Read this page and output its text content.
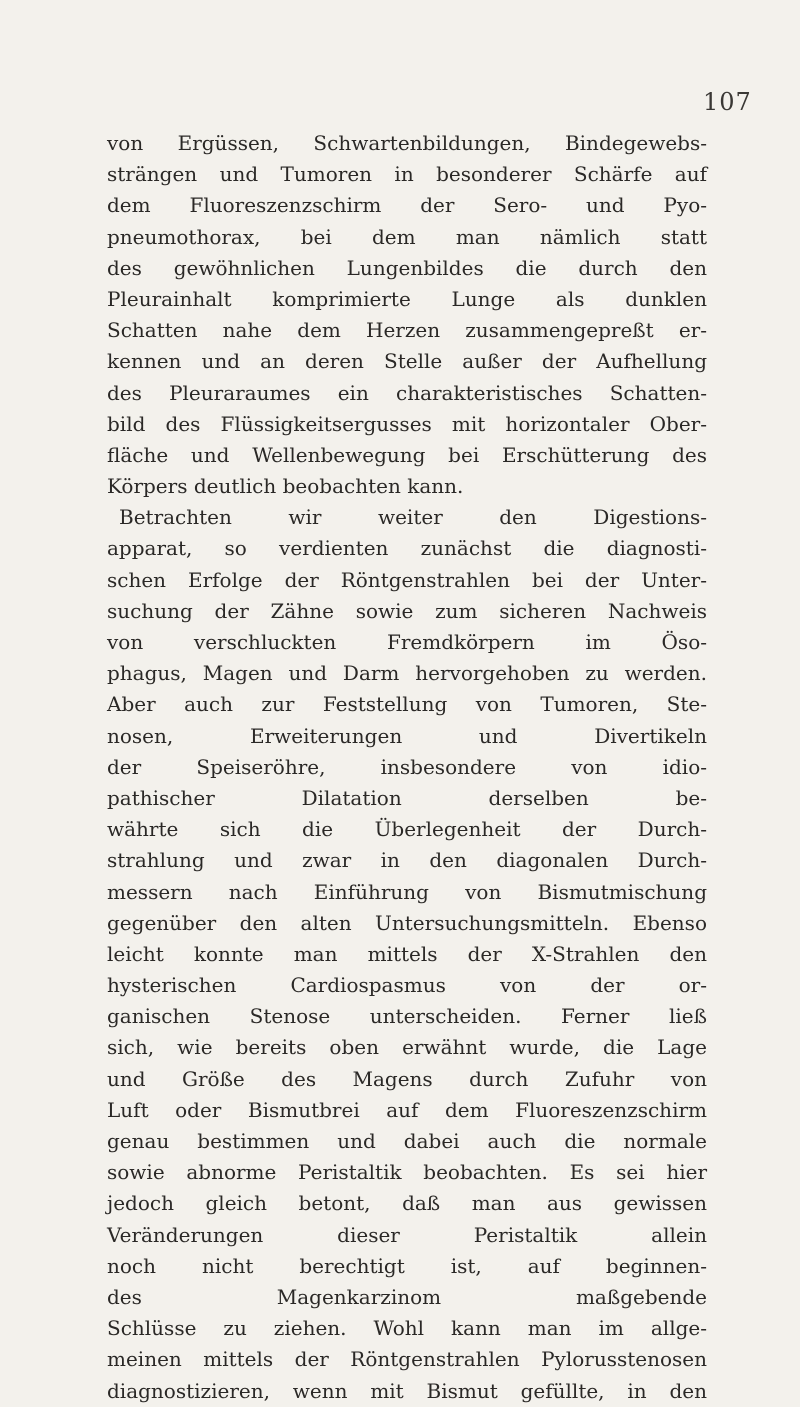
107
von Ergüssen, Schwartenbildungen, Bindegewebs-
strängen und Tumoren in besonderer Schärfe auf
dem Fluoreszenzschirm der Sero- und Pyo-
pneumothorax, bei dem man nämlich statt
des gewöhnlichen Lungenbildes die durch den
Pleurainhalt komprimierte Lunge als dunklen
Schatten nahe dem Herzen zusammengepreßt er-
kennen und an deren Stelle außer der Aufhellung
des Pleuraraumes ein charakteristisches Schatten-
bild des Flüssigkeitsergusses mit horizontaler Ober-
fläche und Wellenbewegung bei Erschütterung des
Körpers deutlich beobachten kann.
Betrachten wir weiter den Digestions-
apparat, so verdienten zunächst die diagnosti-
schen Erfolge der Röntgenstrahlen bei der Unter-
suchung der Zähne sowie zum sicheren Nachweis
von verschluckten Fremdkörpern im Öso-
phagus, Magen und Darm hervorgehoben zu werden.
Aber auch zur Feststellung von Tumoren, Ste-
nosen, Erweiterungen und Divertikeln
der Speiseröhre, insbesondere von idio-
pathischer Dilatation derselben be-
währte sich die Überlegenheit der Durch-
strahlung und zwar in den diagonalen Durch-
messern nach Einführung von Bismutmischung
gegenüber den alten Untersuchungsmitteln. Ebenso
leicht konnte man mittels der X-Strahlen den
hysterischen Cardiospasmus von der or-
ganischen Stenose unterscheiden. Ferner ließ
sich, wie bereits oben erwähnt wurde, die Lage
und Größe des Magens durch Zufuhr von
Luft oder Bismutbrei auf dem Fluoreszenzschirm
genau bestimmen und dabei auch die normale
sowie abnorme Peristaltik beobachten. Es sei hier
jedoch gleich betont, daß man aus gewissen
Veränderungen dieser Peristaltik allein
noch nicht berechtigt ist, auf beginnen-
des Magenkarzinom maßgebende
Schlüsse zu ziehen. Wohl kann man im allge-
meinen mittels der Röntgenstrahlen Pylorusstenosen
diagnostizieren, wenn mit Bismut gefüllte, in den
